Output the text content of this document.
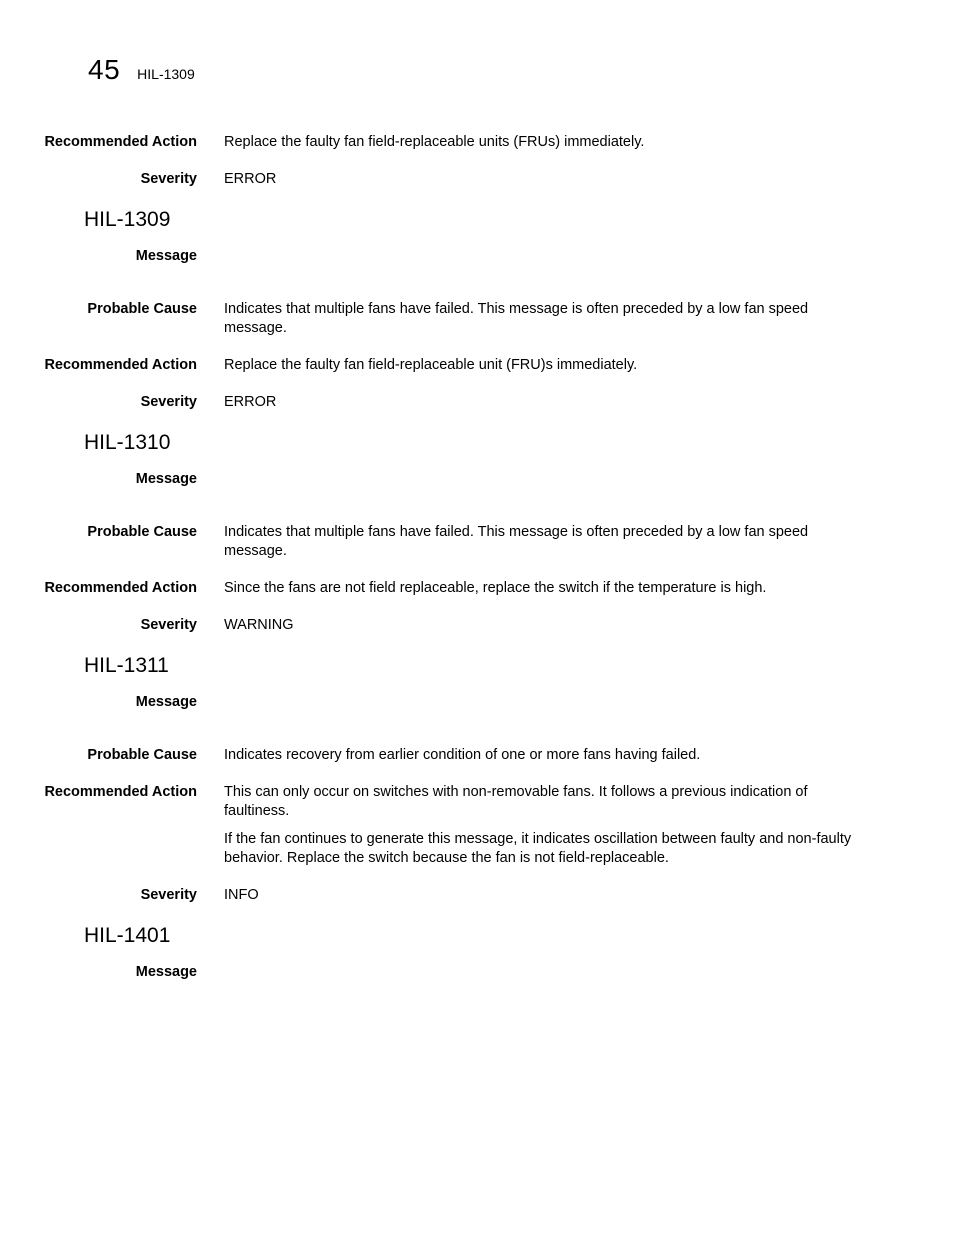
45 HIL-1309
Recommended Action Replace the faulty fan field-replaceable units (FRUs) immediately.
Severity ERROR
HIL-1309
Message
Probable Cause Indicates that multiple fans have failed. This message is often preceded by a low fan speed message.
Recommended Action Replace the faulty fan field-replaceable unit (FRU)s immediately.

Severity ERROR
HIL-1310
Message
Probable Cause Indicates that multiple fans have failed. This message is often preceded by a low fan speed message.
Recommended Action Since the fans are not field replaceable, replace the switch if the temperature is high.

Severity WARNING
HIL-1311
Message
Probable Cause Indicates recovery from earlier condition of one or more fans having failed.
Recommended Action This can only occur on switches with non-removable fans. It follows a previous indication of faultiness.

If the fan continues to generate this message, it indicates oscillation between faulty and non-faulty behavior. Replace the switch because the fan is not field-replaceable.

Severity INFO
HIL-1401
Message
